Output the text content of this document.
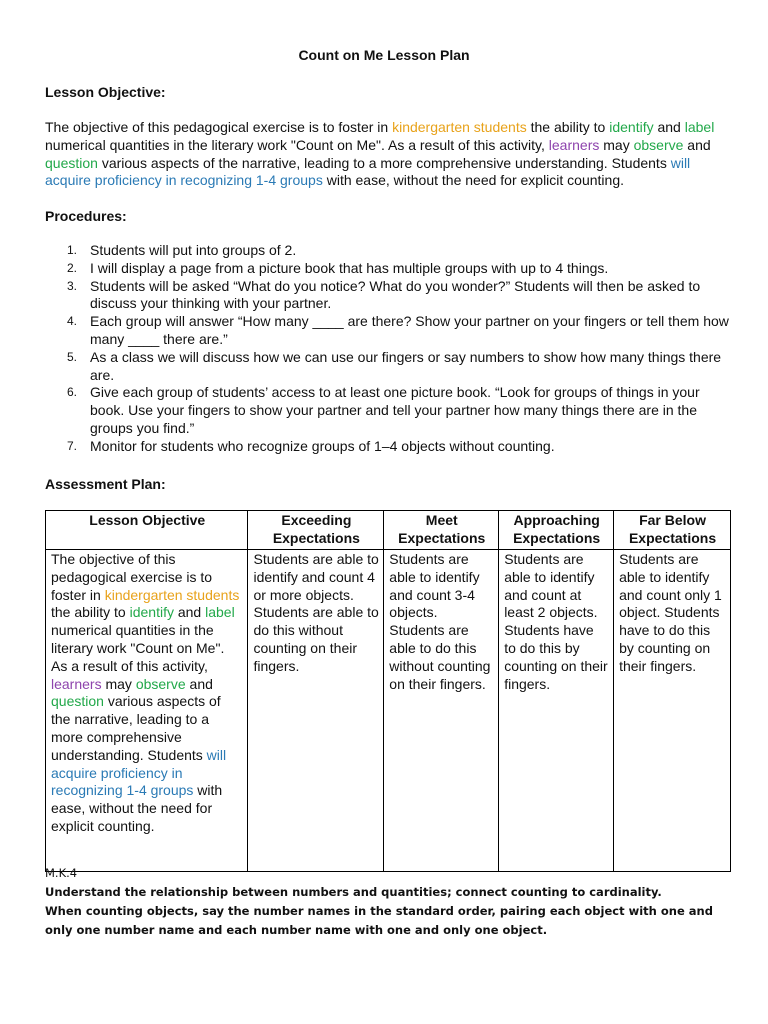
Count on Me Lesson Plan
Lesson Objective:
The objective of this pedagogical exercise is to foster in kindergarten students the ability to identify and label numerical quantities in the literary work "Count on Me". As a result of this activity, learners may observe and question various aspects of the narrative, leading to a more comprehensive understanding. Students will acquire proficiency in recognizing 1-4 groups with ease, without the need for explicit counting.
Procedures:
1. Students will put into groups of 2.
2. I will display a page from a picture book that has multiple groups with up to 4 things.
3. Students will be asked “What do you notice? What do you wonder?” Students will then be asked to discuss your thinking with your partner.
4. Each group will answer “How many ____ are there? Show your partner on your fingers or tell them how many ____ there are.”
5. As a class we will discuss how we can use our fingers or say numbers to show how many things there are.
6. Give each group of students’ access to at least one picture book. “Look for groups of things in your book. Use your fingers to show your partner and tell your partner how many things there are in the groups you find.”
7. Monitor for students who recognize groups of 1–4 objects without counting.
Assessment Plan:
Lesson Objective	Exceeding Expectations	Meet Expectations	Approaching Expectations	Far Below Expectations
The objective of this pedagogical exercise is to foster in kindergarten students the ability to identify and label numerical quantities in the literary work "Count on Me". As a result of this activity, learners may observe and question various aspects of the narrative, leading to a more comprehensive understanding. Students will acquire proficiency in recognizing 1-4 groups with ease, without the need for explicit counting.	Students are able to identify and count 4 or more objects. Students are able to do this without counting on their fingers.	Students are able to identify and count 3-4 objects. Students are able to do this without counting on their fingers.	Students are able to identify and count at least 2 objects. Students have to do this by counting on their fingers.	Students are able to identify and count only 1 object. Students have to do this by counting on their fingers.
M.K.4
Understand the relationship between numbers and quantities; connect counting to cardinality.
When counting objects, say the number names in the standard order, pairing each object with one and only one number name and each number name with one and only one object.
